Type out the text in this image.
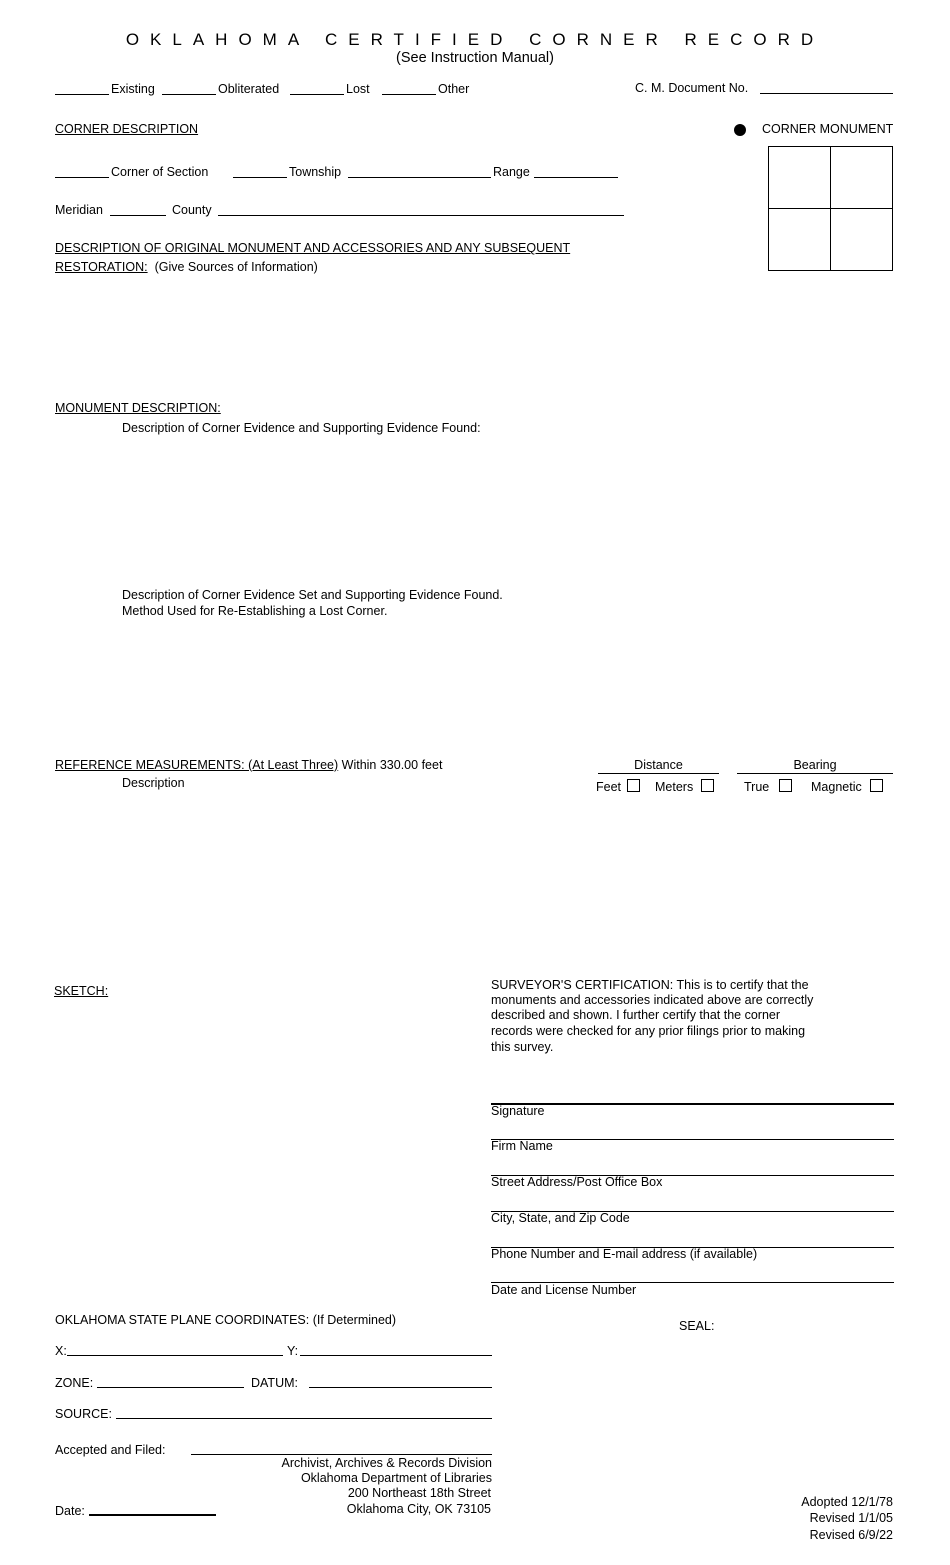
OKLAHOMA CERTIFIED CORNER RECORD
(See Instruction Manual)
Existing	Obliterated	Lost	Other	C. M. Document No.
CORNER DESCRIPTION	CORNER MONUMENT
Corner of Section	Township	Range
Meridian	County
DESCRIPTION OF ORIGINAL MONUMENT AND ACCESSORIES AND ANY SUBSEQUENT
RESTORATION: (Give Sources of Information)
MONUMENT DESCRIPTION:
Description of Corner Evidence and Supporting Evidence Found:
Description of Corner Evidence Set and Supporting Evidence Found.
Method Used for Re-Establishing a Lost Corner.
REFERENCE MEASUREMENTS: (At Least Three) Within 330.00 feet
Description
Distance	Bearing
Feet	Meters	True	Magnetic
SKETCH:	SURVEYOR'S CERTIFICATION: This is to certify that the
monuments and accessories indicated above are correctly
described and shown. I further certify that the corner
records were checked for any prior filings prior to making
this survey.
Signature
Firm Name
Street Address/Post Office Box
City, State, and Zip Code
Phone Number and E-mail address (if available)
Date and License Number
SEAL:
OKLAHOMA STATE PLANE COORDINATES: (If Determined)
X:	Y:
ZONE:	DATUM:
SOURCE:
Accepted and Filed:
Archivist, Archives & Records Division
Oklahoma Department of Libraries
200 Northeast 18th Street
Oklahoma City, OK 73105
Date:
Adopted 12/1/78
Revised 1/1/05
Revised 6/9/22
